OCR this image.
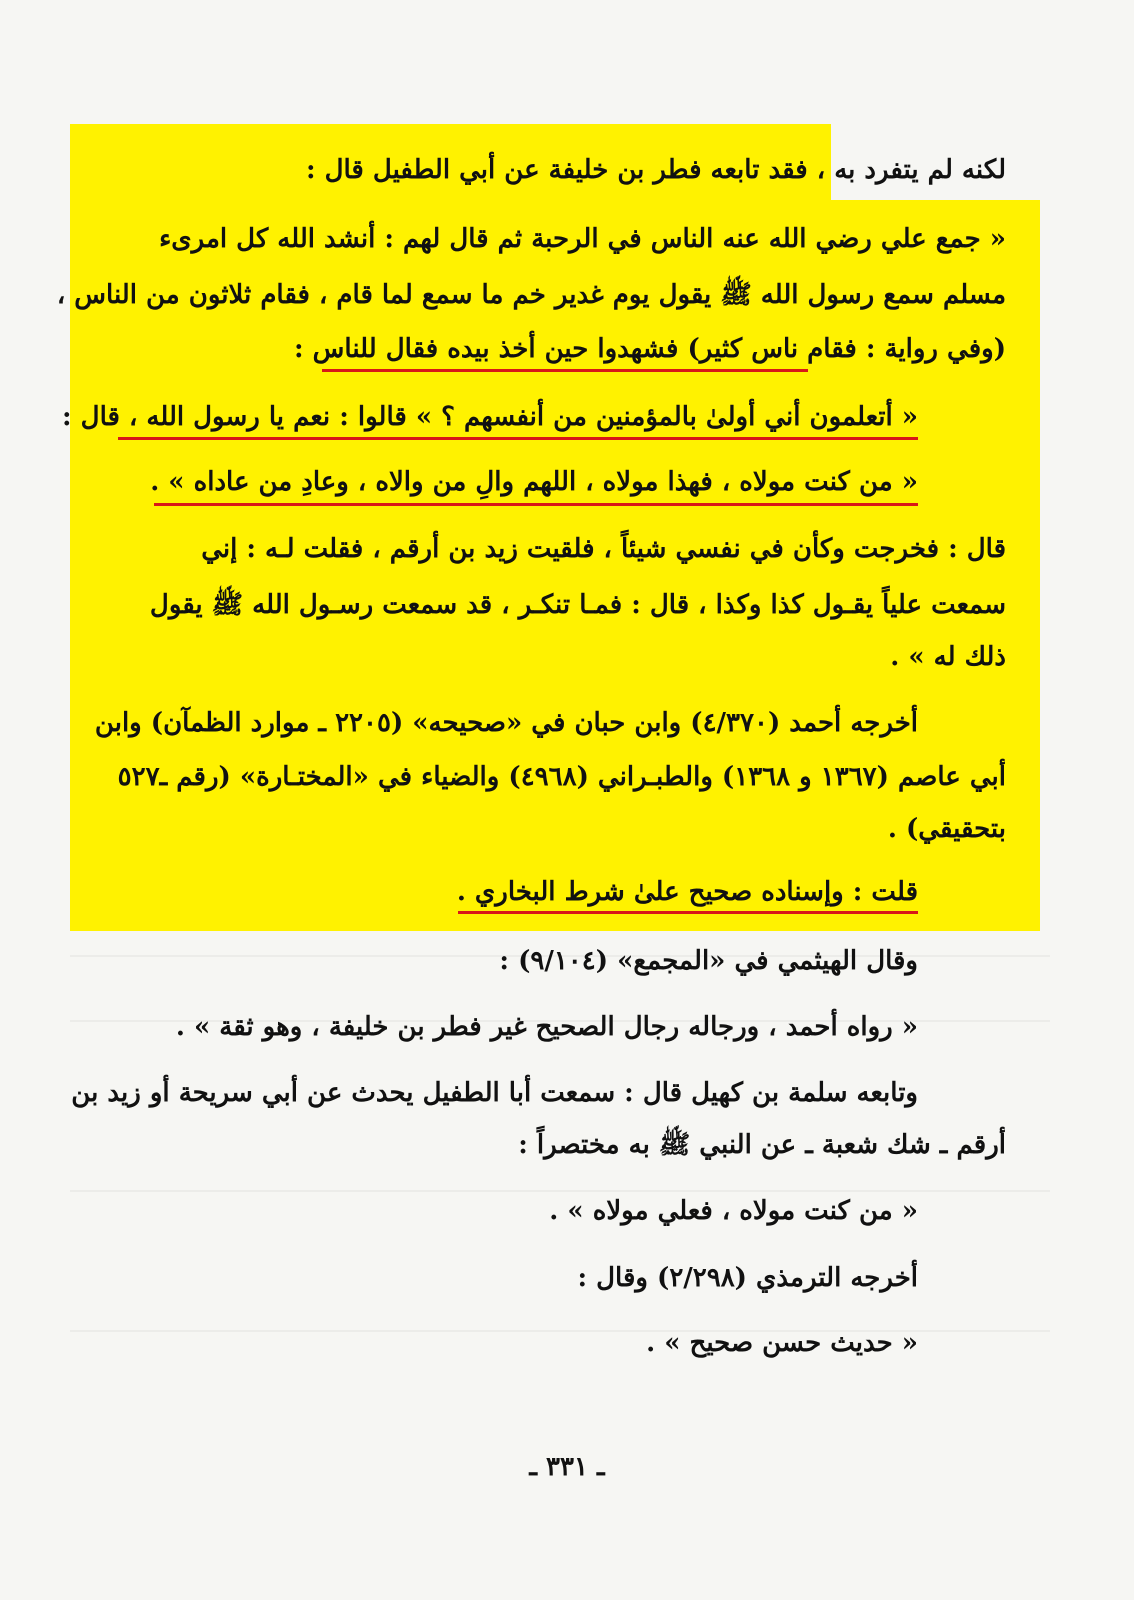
لكنه لم يتفرد به ، فقد تابعه فطر بن خليفة عن أبي الطفيل قال :
« جمع علي رضي الله عنه الناس في الرحبة ثم قال لهم : أنشد الله كل امرىء
مسلم سمع رسول الله ﷺ يقول يوم غدير خم ما سمع لما قام ، فقام ثلاثون من الناس ،
(وفي رواية : فقام ناس كثير) فشهدوا حين أخذ بيده فقال للناس :
« أتعلمون أني أولىٰ بالمؤمنين من أنفسهم ؟ » قالوا : نعم يا رسول الله ، قال :
« من كنت مولاه ، فهذا مولاه ، اللهم والِ من والاه ، وعادِ من عاداه » .
قال : فخرجت وكأن في نفسي شيئاً ، فلقيت زيد بن أرقم ، فقلت لـه : إني
سمعت علياً يقـول كذا وكذا ، قال : فمـا تنكـر ، قد سمعت رسـول الله ﷺ يقول
ذلك له » .
أخرجه أحمد (٤/٣٧٠) وابن حبان في «صحيحه» (٢٢٠٥ ـ موارد الظمآن) وابن
أبي عاصم (١٣٦٧ و ١٣٦٨) والطبـراني (٤٩٦٨) والضياء في «المختـارة» (رقم ـ٥٢٧
بتحقيقي) .
قلت : وإسناده صحيح علىٰ شرط البخاري .
وقال الهيثمي في «المجمع» (٩/١٠٤) :
« رواه أحمد ، ورجاله رجال الصحيح غير فطر بن خليفة ، وهو ثقة » .
وتابعه سلمة بن كهيل قال : سمعت أبا الطفيل يحدث عن أبي سريحة أو زيد بن
أرقم ـ شك شعبة ـ عن النبي ﷺ به مختصراً :
« من كنت مولاه ، فعلي مولاه » .
أخرجه الترمذي (٢/٢٩٨) وقال :
« حديث حسن صحيح » .
ـ ٣٣١ ـ
